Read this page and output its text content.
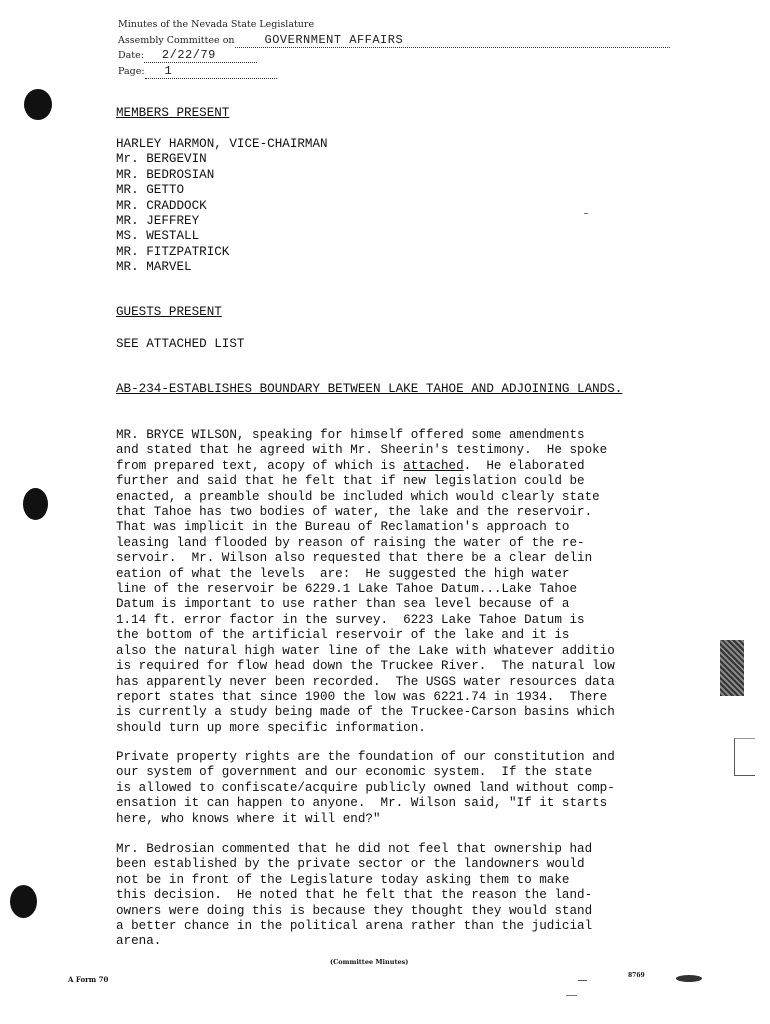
Minutes of the Nevada State Legislature
Assembly Committee on	GOVERNMENT AFFAIRS
Date: 2/22/79
Page: 1
MEMBERS PRESENT
HARLEY HARMON, VICE-CHAIRMAN
Mr. BERGEVIN
MR. BEDROSIAN
MR. GETTO
MR. CRADDOCK
MR. JEFFREY
MS. WESTALL
MR. FITZPATRICK
MR. MARVEL
GUESTS PRESENT
SEE ATTACHED LIST
AB-234-ESTABLISHES BOUNDARY BETWEEN LAKE TAHOE AND ADJOINING LANDS.
MR. BRYCE WILSON, speaking for himself offered some amendments
and stated that he agreed with Mr. Sheerin's testimony.  He spoke
from prepared text, acopy of which is attached.  He elaborated
further and said that he felt that if new legislation could be
enacted, a preamble should be included which would clearly state
that Tahoe has two bodies of water, the lake and the reservoir.
That was implicit in the Bureau of Reclamation's approach to
leasing land flooded by reason of raising the water of the re-
servoir.  Mr. Wilson also requested that there be a clear delin
eation of what the levels  are:  He suggested the high water
line of the reservoir be 6229.1 Lake Tahoe Datum...Lake Tahoe
Datum is important to use rather than sea level because of a
1.14 ft. error factor in the survey.  6223 Lake Tahoe Datum is
the bottom of the artificial reservoir of the lake and it is
also the natural high water line of the Lake with whatever additio
is required for flow head down the Truckee River.  The natural low
has apparently never been recorded.  The USGS water resources data
report states that since 1900 the low was 6221.74 in 1934.  There
is currently a study being made of the Truckee-Carson basins which
should turn up more specific information.
Private property rights are the foundation of our constitution and
our system of government and our economic system.  If the state
is allowed to confiscate/acquire publicly owned land without comp-
ensation it can happen to anyone.  Mr. Wilson said, "If it starts
here, who knows where it will end?"
Mr. Bedrosian commented that he did not feel that ownership had
been established by the private sector or the landowners would
not be in front of the Legislature today asking them to make
this decision.  He noted that he felt that the reason the land-
owners were doing this is because they thought they would stand
a better chance in the political arena rather than the judicial
arena.
(Committee Minutes)
A Form 70	8769
